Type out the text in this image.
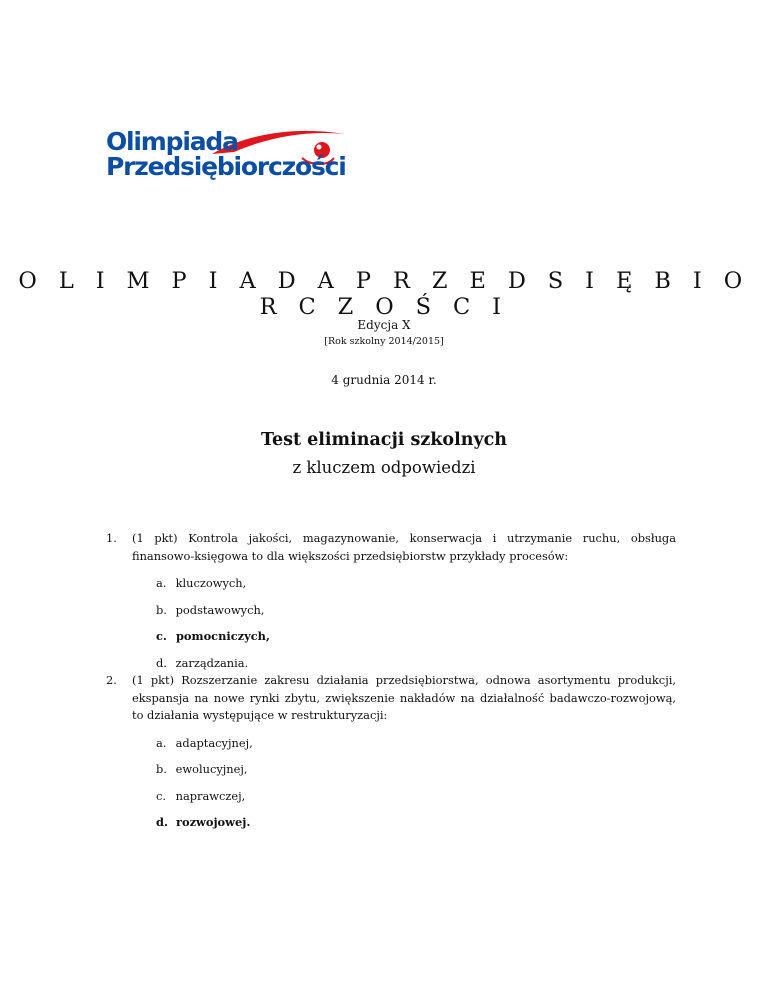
Olimpiada
Przedsiębiorczości
O L I M P I A D A P R Z E D S I Ę B I O R C Z O Ś C I
Edycja X
[Rok szkolny 2014/2015]
4 grudnia 2014 r.
Test eliminacji szkolnych
z kluczem odpowiedzi
1. (1 pkt) Kontrola jakości, magazynowanie, konserwacja i utrzymanie ruchu, obsługa finansowo-księgowa to dla większości przedsiębiorstw przykłady procesów:
a. kluczowych,
b. podstawowych,
c. pomocniczych,
d. zarządzania.
2. (1 pkt) Rozszerzanie zakresu działania przedsiębiorstwa, odnowa asortymentu produkcji, ekspansja na nowe rynki zbytu, zwiększenie nakładów na działalność badawczo-rozwojową, to działania występujące w restrukturyzacji:
a. adaptacyjnej,
b. ewolucyjnej,
c. naprawczej,
d. rozwojowej.
